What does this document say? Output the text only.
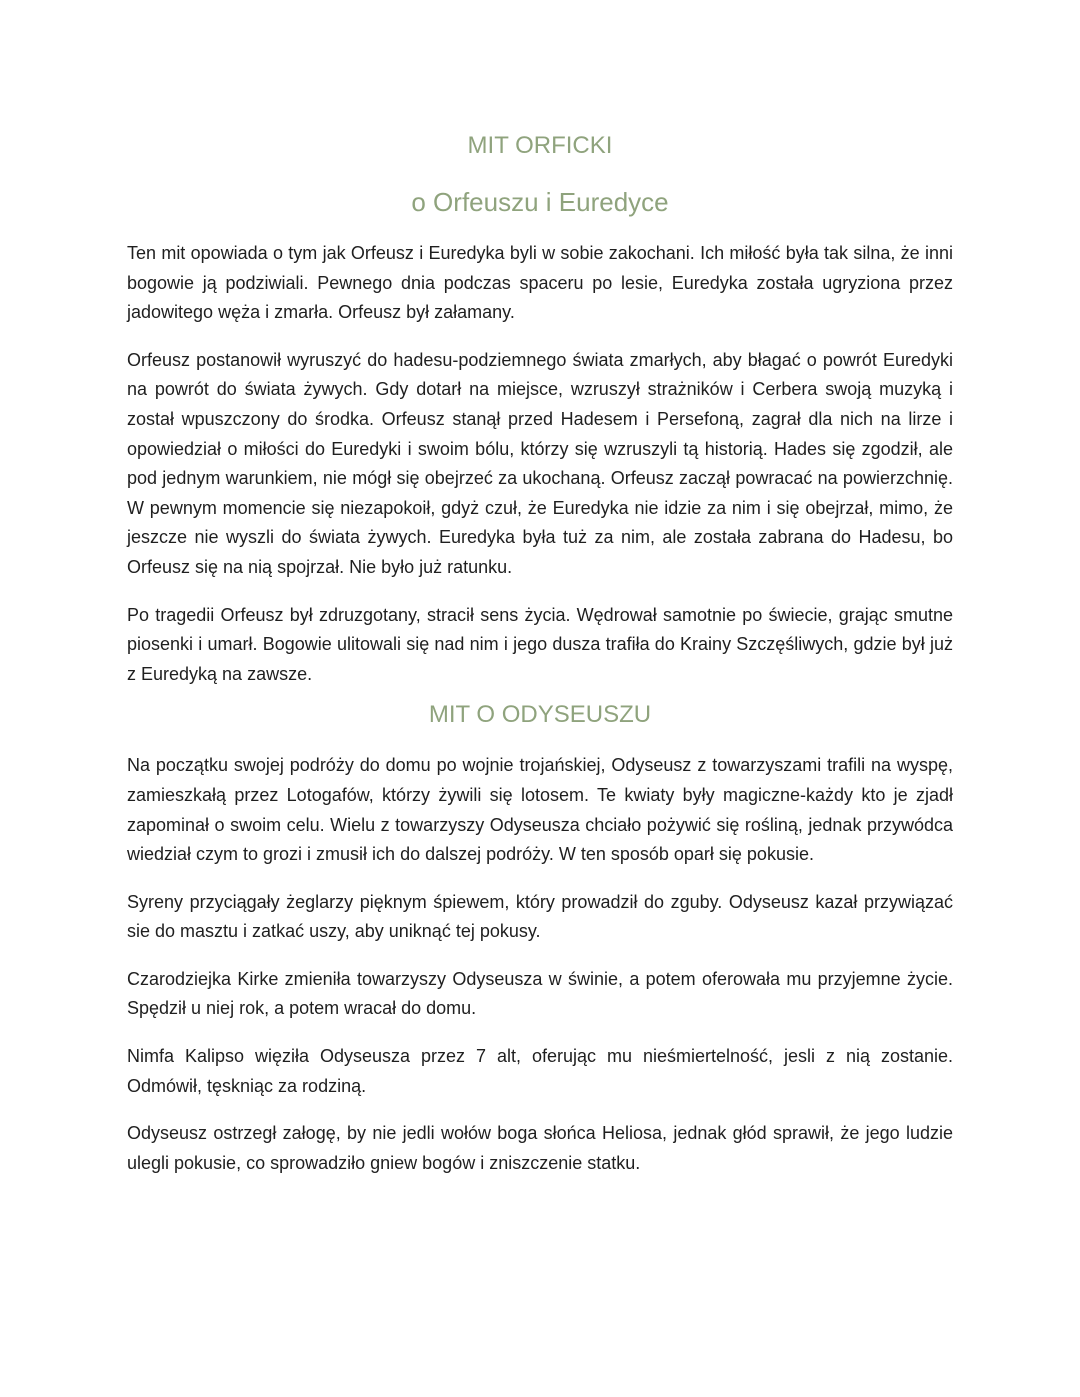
MIT ORFICKI
o Orfeuszu i Euredyce

Ten mit opowiada o tym jak Orfeusz i Euredyka byli w sobie zakochani. Ich miłość była tak silna, że inni bogowie ją podziwiali. Pewnego dnia podczas spaceru po lesie, Euredyka została ugryziona przez jadowitego węża i zmarła. Orfeusz był załamany.

Orfeusz postanowił wyruszyć do hadesu-podziemnego świata zmarłych, aby błagać o powrót Euredyki na powrót do świata żywych. Gdy dotarł na miejsce, wzruszył strażników i Cerbera swoją muzyką i został wpuszczony do środka. Orfeusz stanął przed Hadesem i Persefoną, zagrał dla nich na lirze i opowiedział o miłości do Euredyki i swoim bólu, którzy się wzruszyli tą historią. Hades się zgodził, ale pod jednym warunkiem, nie mógł się obejrzeć za ukochaną. Orfeusz zaczął powracać na powierzchnię. W pewnym momencie się niezapokoił, gdyż czuł, że Euredyka nie idzie za nim i się obejrzał, mimo, że jeszcze nie wyszli do świata żywych. Euredyka była tuż za nim, ale została zabrana do Hadesu, bo Orfeusz się na nią spojrzał. Nie było już ratunku.

Po tragedii Orfeusz był zdruzgotany, stracił sens życia. Wędrował samotnie po świecie, grając smutne piosenki i umarł. Bogowie ulitowali się nad nim i jego dusza trafiła do Krainy Szczęśliwych, gdzie był już z Euredyką na zawsze.

MIT O ODYSEUSZU

Na początku swojej podróży do domu po wojnie trojańskiej, Odyseusz z towarzyszami trafili na wyspę, zamieszkałą przez Lotogafów, którzy żywili się lotosem. Te kwiaty były magiczne-każdy kto je zjadł zapominał o swoim celu. Wielu z towarzyszy Odyseusza chciało pożywić się rośliną, jednak przywódca wiedział czym to grozi i zmusił ich do dalszej podróży. W ten sposób oparł się pokusie.

Syreny przyciągały żeglarzy pięknym śpiewem, który prowadził do zguby. Odyseusz kazał przywiązać sie do masztu i zatkać uszy, aby uniknąć tej pokusy.

Czarodziejka Kirke zmieniła towarzyszy Odyseusza w świnie, a potem oferowała mu przyjemne życie. Spędził u niej rok, a potem wracał do domu.

Nimfa Kalipso więziła Odyseusza przez 7 alt, oferując mu nieśmiertelność, jesli z nią zostanie. Odmówił, tęskniąc za rodziną.

Odyseusz ostrzegł załogę, by nie jedli wołów boga słońca Heliosa, jednak głód sprawił, że jego ludzie ulegli pokusie, co sprowadziło gniew bogów i zniszczenie statku.
